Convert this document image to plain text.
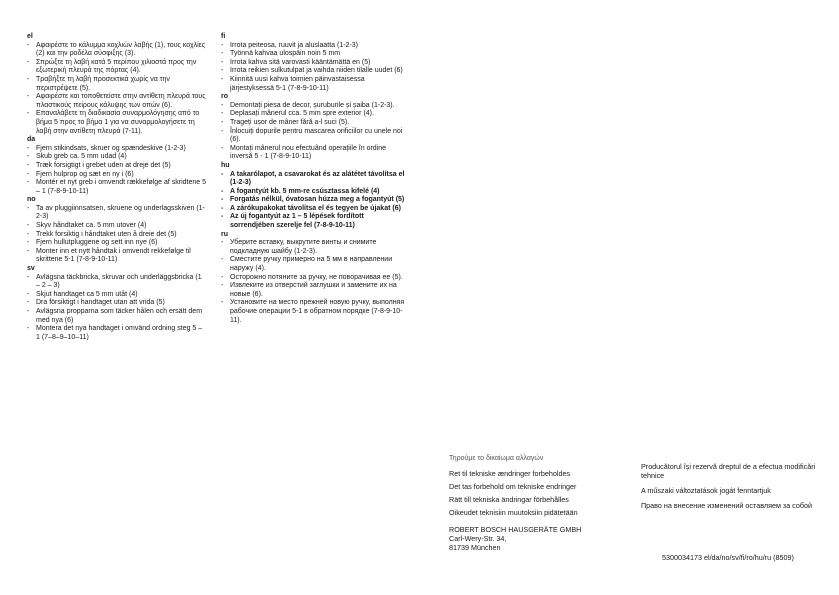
el
- Αφαιρέστε το κάλυμμα κοχλιών λαβής (1), τους κοχλίες (2) και την ροδέλα σύσφιξης (3).
- Σπρώξτε τη λαβή κατά 5 περίπου χιλιοστά προς την εξωτερική πλευρά της πόρτας (4).
- Τραβήξτε τη λαβή προσεκτικά χωρίς να την περιστρέψετε (5).
- Αφαιρέστε και τοποθετείστε στην αντίθετη πλευρά τους πλαστικούς πείρους κάλυψης των οπών (6).
- Επαναλάβετε τη διαδικασία συναρμολόγησης από το βήμα 5 προς το βήμα 1 για να συναρμολογήσετε τη λαβή στην αντίθετη πλευρά (7-11).
da
- Fjern stikindsats, skruer og spændeskive (1-2-3)
- Skub greb ca. 5 mm udad (4)
- Træk forsigtigt i grebet uden at dreje det (5)
- Fjern hulprop og sæt en ny i (6)
- Montér et nyt greb i omvendt rækkefølge af skridtene 5 – 1 (7-8-9-10-11)
no
- Ta av pluggiinnsatsen, skruene og underlagsskiven (1-2-3)
- Skyv håndtaket ca. 5 mm utover (4)
- Trekk forsiktig i håndtaket uten å dreie det (5)
- Fjern hullutpluggene og sett inn nye (6)
- Monter inn et nytt håndtak i omvendt rekkefølge til skrittene 5-1 (7-8-9-10-11)
sv
- Avlägsna täckbricka, skruvar och underläggsbricka (1 – 2 – 3)
- Skjut handtaget ca 5 mm utåt (4)
- Dra försiktigt i handtaget utan att vrida (5)
- Avlägsna propparna som täcker hålen och ersätt dem med nya (6)
- Montera det nya handtaget i omvänd ordning steg 5 – 1 (7–8–9–10–11)
fi
- Irrota peiteosa, ruuvit ja aluslaatta (1-2-3)
- Työnnä kahvaa ulospäin noin 5 mm
- Irrota kahva sitä varovasti kääntämättä en (5)
- Irrota reikien sulkutulpat ja vaihda niiden tilalle uudet (6)
- Kiinnitä uusi kahva toimien päinvastaisessa järjestyksessä 5-1 (7-8-9-10-11)
ro
- Demontați piesa de decor, șuruburile și șaiba (1-2-3).
- Deplasați mânerul cca. 5 mm spre exterior (4).
- Trageți ușor de mâner fără a-l suci (5).
- Înlocuiți dopurile pentru mascarea orificiilor cu unele noi (6).
- Montați mânerul nou efectuând operațiile în ordine inversă 5 - 1 (7-8-9-10-11)
hu
- A takarólapot, a csavarokat és az alátétet távolítsa el (1-2-3)
- A fogantyút kb. 5 mm-re csúsztassa kifelé (4)
- Forgatás nélkül, óvatosan húzza meg a fogantyút (5)
- A zárókupakokat távolítsa el és tegyen be újakat (6)
- Az új fogantyút az 1 – 5 lépések fordított sorrendjében szerelje fel (7-8-9-10-11)
ru
- Уберите вставку, выкрутите винты и снимите подкладную шайбу (1-2-3).
- Сместите ручку примерно на 5 мм в направлении наружу (4).
- Осторожно потяните за ручку, не поворачивая ее (5).
- Извлеките из отверстий заглушки и замените их на новые (6).
- Установите на место прежней новую ручку, выполняя рабочие операции 5-1 в обратном порядке (7-8-9-10-11).
Τηρούμε το δικαίωμα αλλαγών
Ret til tekniske ændringer forbeholdes
Det tas forbehold om tekniske endringer
Rätt till tekniska ändringar förbehålles
Oikeudet teknisiin muutoksiin pidätetään
ROBERT BOSCH HAUSGERÄTE GMBH
Carl-Wery-Str. 34,
81739 München
Producătorul își rezervă dreptul de a efectua modificări tehnice
A műszaki változtatások jogát fenntartjuk
Право на внесение изменений оставляем за собой
5300034173 el/da/no/sv/fi/ro/hu/ru (8509)
